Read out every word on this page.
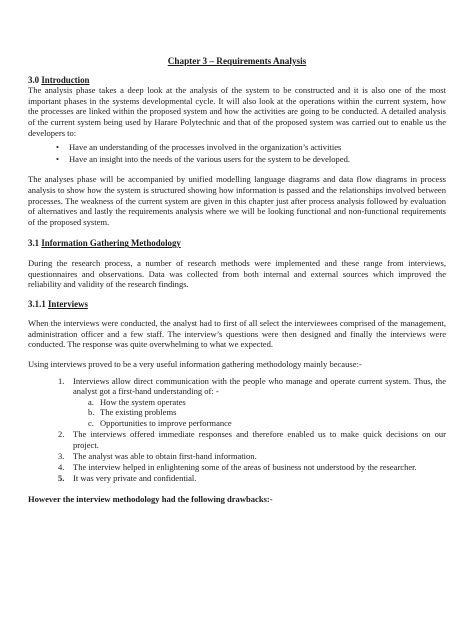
Chapter 3 – Requirements Analysis
3.0 Introduction

The analysis phase takes a deep look at the analysis of the system to be constructed and it is also one of the most important phases in the systems developmental cycle. It will also look at the operations within the current system, how the processes are linked within the proposed system and how the activities are going to be conducted. A detailed analysis of the current system being used by Harare Polytechnic and that of the proposed system was carried out to enable us the developers to:

• Have an understanding of the processes involved in the organization’s activities
• Have an insight into the needs of the various users for the system to be developed.

The analyses phase will be accompanied by unified modelling language diagrams and data flow diagrams in process analysis to show how the system is structured showing how information is passed and the relationships involved between processes. The weakness of the current system are given in this chapter just after process analysis followed by evaluation of alternatives and lastly the requirements analysis where we will be looking functional and non-functional requirements of the proposed system.

3.1 Information Gathering Methodology

During the research process, a number of research methods were implemented and these range from interviews, questionnaires and observations. Data was collected from both internal and external sources which improved the reliability and validity of the research findings.

3.1.1 Interviews

When the interviews were conducted, the analyst had to first of all select the interviewees comprised of the management, administration officer and a few staff. The interview’s questions were then designed and finally the interviews were conducted. The response was quite overwhelming to what we expected.

Using interviews proved to be a very useful information gathering methodology mainly because:-

1. Interviews allow direct communication with the people who manage and operate current system. Thus, the analyst got a first-hand understanding of: -
a. How the system operates
b. The existing problems
c. Opportunities to improve performance
2. The interviews offered immediate responses and therefore enabled us to make quick decisions on our project.
3. The analyst was able to obtain first-hand information.
4. The interview helped in enlightening some of the areas of business not understood by the researcher.
5. It was very private and confidential.

However the interview methodology had the following drawbacks:-
